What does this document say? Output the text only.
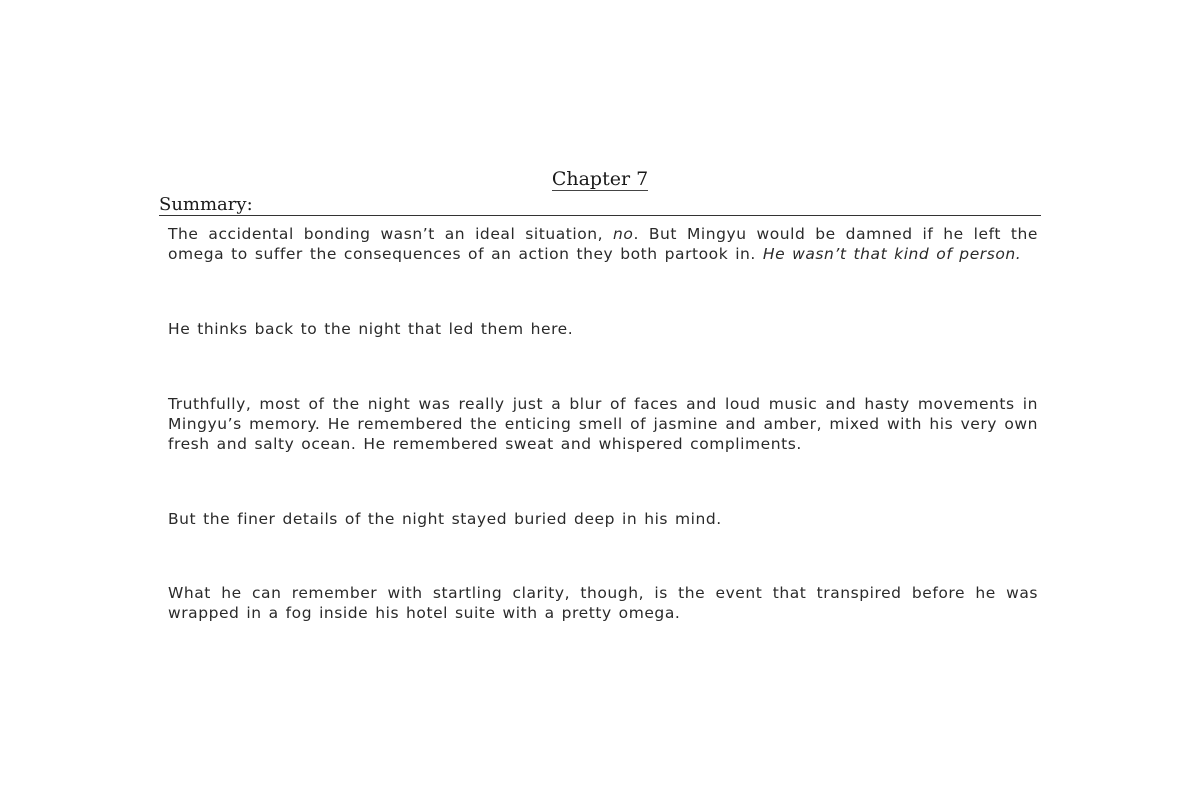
Chapter 7
Summary:

The accidental bonding wasn’t an ideal situation, no. But Mingyu would be damned if he left the omega to suffer the consequences of an action they both partook in. He wasn’t that kind of person.

He thinks back to the night that led them here.

Truthfully, most of the night was really just a blur of faces and loud music and hasty movements in Mingyu’s memory. He remembered the enticing smell of jasmine and amber, mixed with his very own fresh and salty ocean. He remembered sweat and whispered compliments.

But the finer details of the night stayed buried deep in his mind.

What he can remember with startling clarity, though, is the event that transpired before he was wrapped in a fog inside his hotel suite with a pretty omega.
